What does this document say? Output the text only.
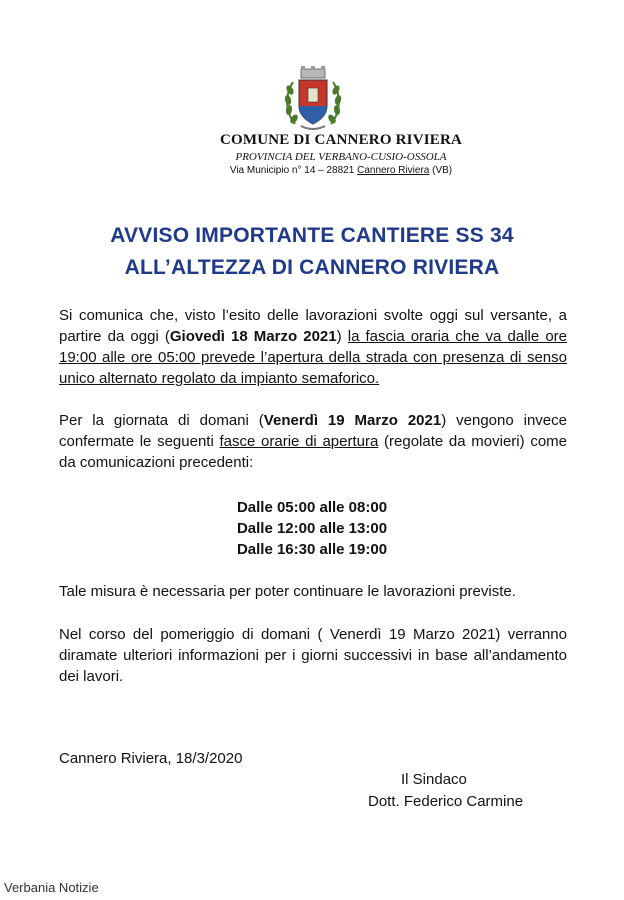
COMUNE DI CANNERO RIVIERA
PROVINCIA DEL VERBANO-CUSIO-OSSOLA
Via Municipio n° 14 – 28821 Cannero Riviera (VB)
AVVISO IMPORTANTE CANTIERE SS 34
ALL’ALTEZZA DI CANNERO RIVIERA
Si comunica che, visto l’esito delle lavorazioni svolte oggi sul versante, a partire da oggi (Giovedì 18 Marzo 2021) la fascia oraria che va dalle ore 19:00 alle ore 05:00 prevede l’apertura della strada con presenza di senso unico alternato regolato da impianto semaforico.
Per la giornata di domani (Venerdì 19 Marzo 2021) vengono invece confermate le seguenti fasce orarie di apertura (regolate da movieri) come da comunicazioni precedenti:
Dalle 05:00 alle 08:00
Dalle 12:00 alle 13:00
Dalle 16:30 alle 19:00
Tale misura è necessaria per poter continuare le lavorazioni previste.
Nel corso del pomeriggio di domani ( Venerdì 19 Marzo 2021) verranno diramate ulteriori informazioni per i giorni successivi in base all’andamento dei lavori.
Cannero Riviera, 18/3/2020
Il Sindaco
Dott. Federico Carmine
Verbania Notizie
